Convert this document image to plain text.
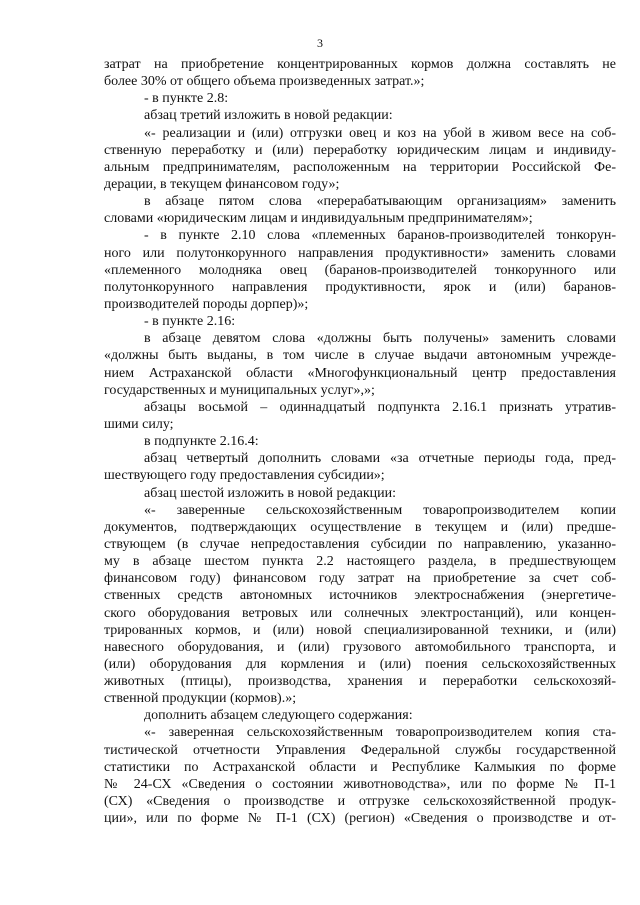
3
затрат на приобретение концентрированных кормов должна составлять не
более 30% от общего объема произведенных затрат.»;
- в пункте 2.8:
абзац третий изложить в новой редакции:
«- реализации и (или) отгрузки овец и коз на убой в живом весе на соб-
ственную переработку и (или) переработку юридическим лицам и индивиду-
альным предпринимателям, расположенным на территории Российской Фе-
дерации, в текущем финансовом году»;
в абзаце пятом слова «перерабатывающим организациям» заменить
словами «юридическим лицам и индивидуальным предпринимателям»;
- в пункте 2.10 слова «племенных баранов-производителей тонкорун-
ного или полутонкорунного направления продуктивности» заменить словами
«племенного молодняка овец (баранов-производителей тонкорунного или
полутонкорунного направления продуктивности, ярок и (или) баранов-
производителей породы дорпер)»;
- в пункте 2.16:
в абзаце девятом слова «должны быть получены» заменить словами
«должны быть выданы, в том числе в случае выдачи автономным учрежде-
нием Астраханской области «Многофункциональный центр предоставления
государственных и муниципальных услуг»,»;
абзацы восьмой – одиннадцатый подпункта 2.16.1 признать утратив-
шими силу;
в подпункте 2.16.4:
абзац четвертый дополнить словами «за отчетные периоды года, пред-
шествующего году предоставления субсидии»;
абзац шестой изложить в новой редакции:
«- заверенные сельскохозяйственным товаропроизводителем копии
документов, подтверждающих осуществление в текущем и (или) предше-
ствующем (в случае непредоставления субсидии по направлению, указанно-
му в абзаце шестом пункта 2.2 настоящего раздела, в предшествующем
финансовом году) финансовом году затрат на приобретение за счет соб-
ственных средств автономных источников электроснабжения (энергетиче-
ского оборудования ветровых или солнечных электростанций), или концен-
трированных кормов, и (или) новой специализированной техники, и (или)
навесного оборудования, и (или) грузового автомобильного транспорта, и
(или) оборудования для кормления и (или) поения сельскохозяйственных
животных (птицы), производства, хранения и переработки сельскохозяй-
ственной продукции (кормов).»;
дополнить абзацем следующего содержания:
«- заверенная сельскохозяйственным товаропроизводителем копия ста-
тистической отчетности Управления Федеральной службы государственной
статистики по Астраханской области и Республике Калмыкия по форме
№ 24-СХ «Сведения о состоянии животноводства», или по форме № П-1
(СХ) «Сведения о производстве и отгрузке сельскохозяйственной продук-
ции», или по форме № П-1 (СХ) (регион) «Сведения о производстве и от-
